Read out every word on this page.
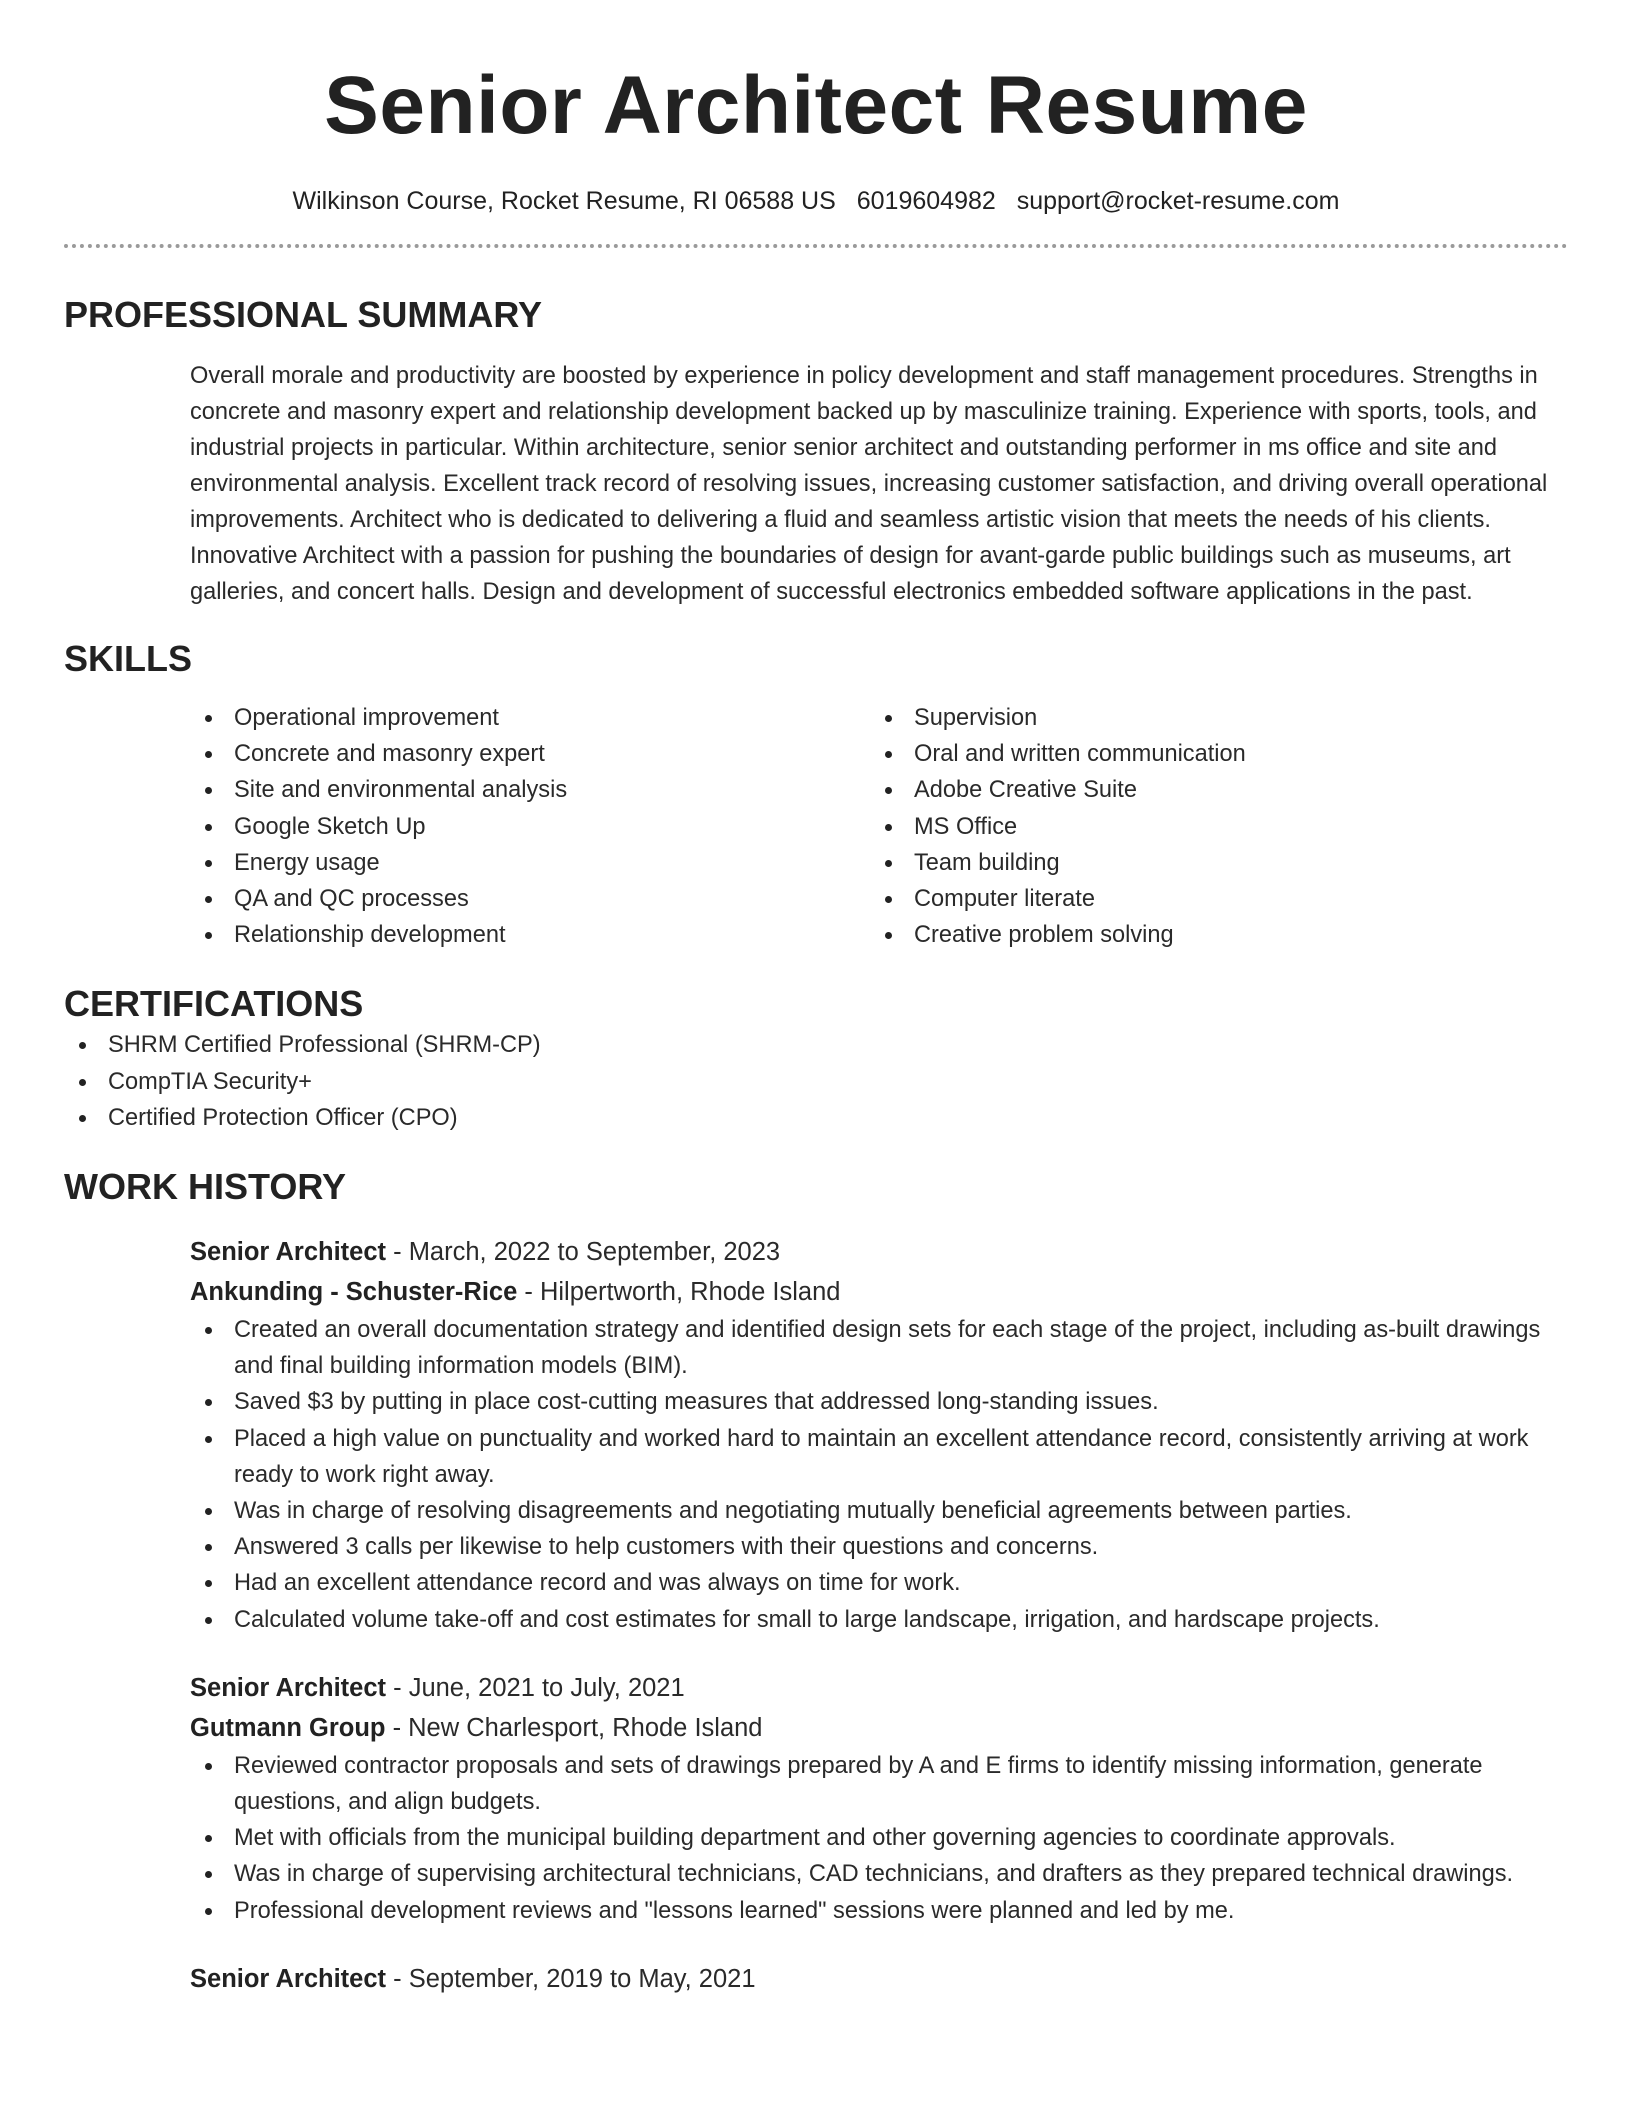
Senior Architect Resume
Wilkinson Course, Rocket Resume, RI 06588 US 6019604982 support@rocket-resume.com
PROFESSIONAL SUMMARY

Overall morale and productivity are boosted by experience in policy development and staff management procedures. Strengths in concrete and masonry expert and relationship development backed up by masculinize training. Experience with sports, tools, and industrial projects in particular. Within architecture, senior senior architect and outstanding performer in ms office and site and environmental analysis. Excellent track record of resolving issues, increasing customer satisfaction, and driving overall operational improvements. Architect who is dedicated to delivering a fluid and seamless artistic vision that meets the needs of his clients. Innovative Architect with a passion for pushing the boundaries of design for avant-garde public buildings such as museums, art galleries, and concert halls. Design and development of successful electronics embedded software applications in the past.

SKILLS
Operational improvement
Concrete and masonry expert
Site and environmental analysis
Google Sketch Up
Energy usage
QA and QC processes
Relationship development
Supervision
Oral and written communication
Adobe Creative Suite
MS Office
Team building
Computer literate
Creative problem solving
CERTIFICATIONS
SHRM Certified Professional (SHRM-CP)
CompTIA Security+
Certified Protection Officer (CPO)
WORK HISTORY
Senior Architect - March, 2022 to September, 2023
Ankunding - Schuster-Rice - Hilpertworth, Rhode Island
Created an overall documentation strategy and identified design sets for each stage of the project, including as-built drawings and final building information models (BIM).
Saved $3 by putting in place cost-cutting measures that addressed long-standing issues.
Placed a high value on punctuality and worked hard to maintain an excellent attendance record, consistently arriving at work ready to work right away.
Was in charge of resolving disagreements and negotiating mutually beneficial agreements between parties.
Answered 3 calls per likewise to help customers with their questions and concerns.
Had an excellent attendance record and was always on time for work.
Calculated volume take-off and cost estimates for small to large landscape, irrigation, and hardscape projects.
Senior Architect - June, 2021 to July, 2021
Gutmann Group - New Charlesport, Rhode Island
Reviewed contractor proposals and sets of drawings prepared by A and E firms to identify missing information, generate questions, and align budgets.
Met with officials from the municipal building department and other governing agencies to coordinate approvals.
Was in charge of supervising architectural technicians, CAD technicians, and drafters as they prepared technical drawings.
Professional development reviews and "lessons learned" sessions were planned and led by me.
Senior Architect - September, 2019 to May, 2021
